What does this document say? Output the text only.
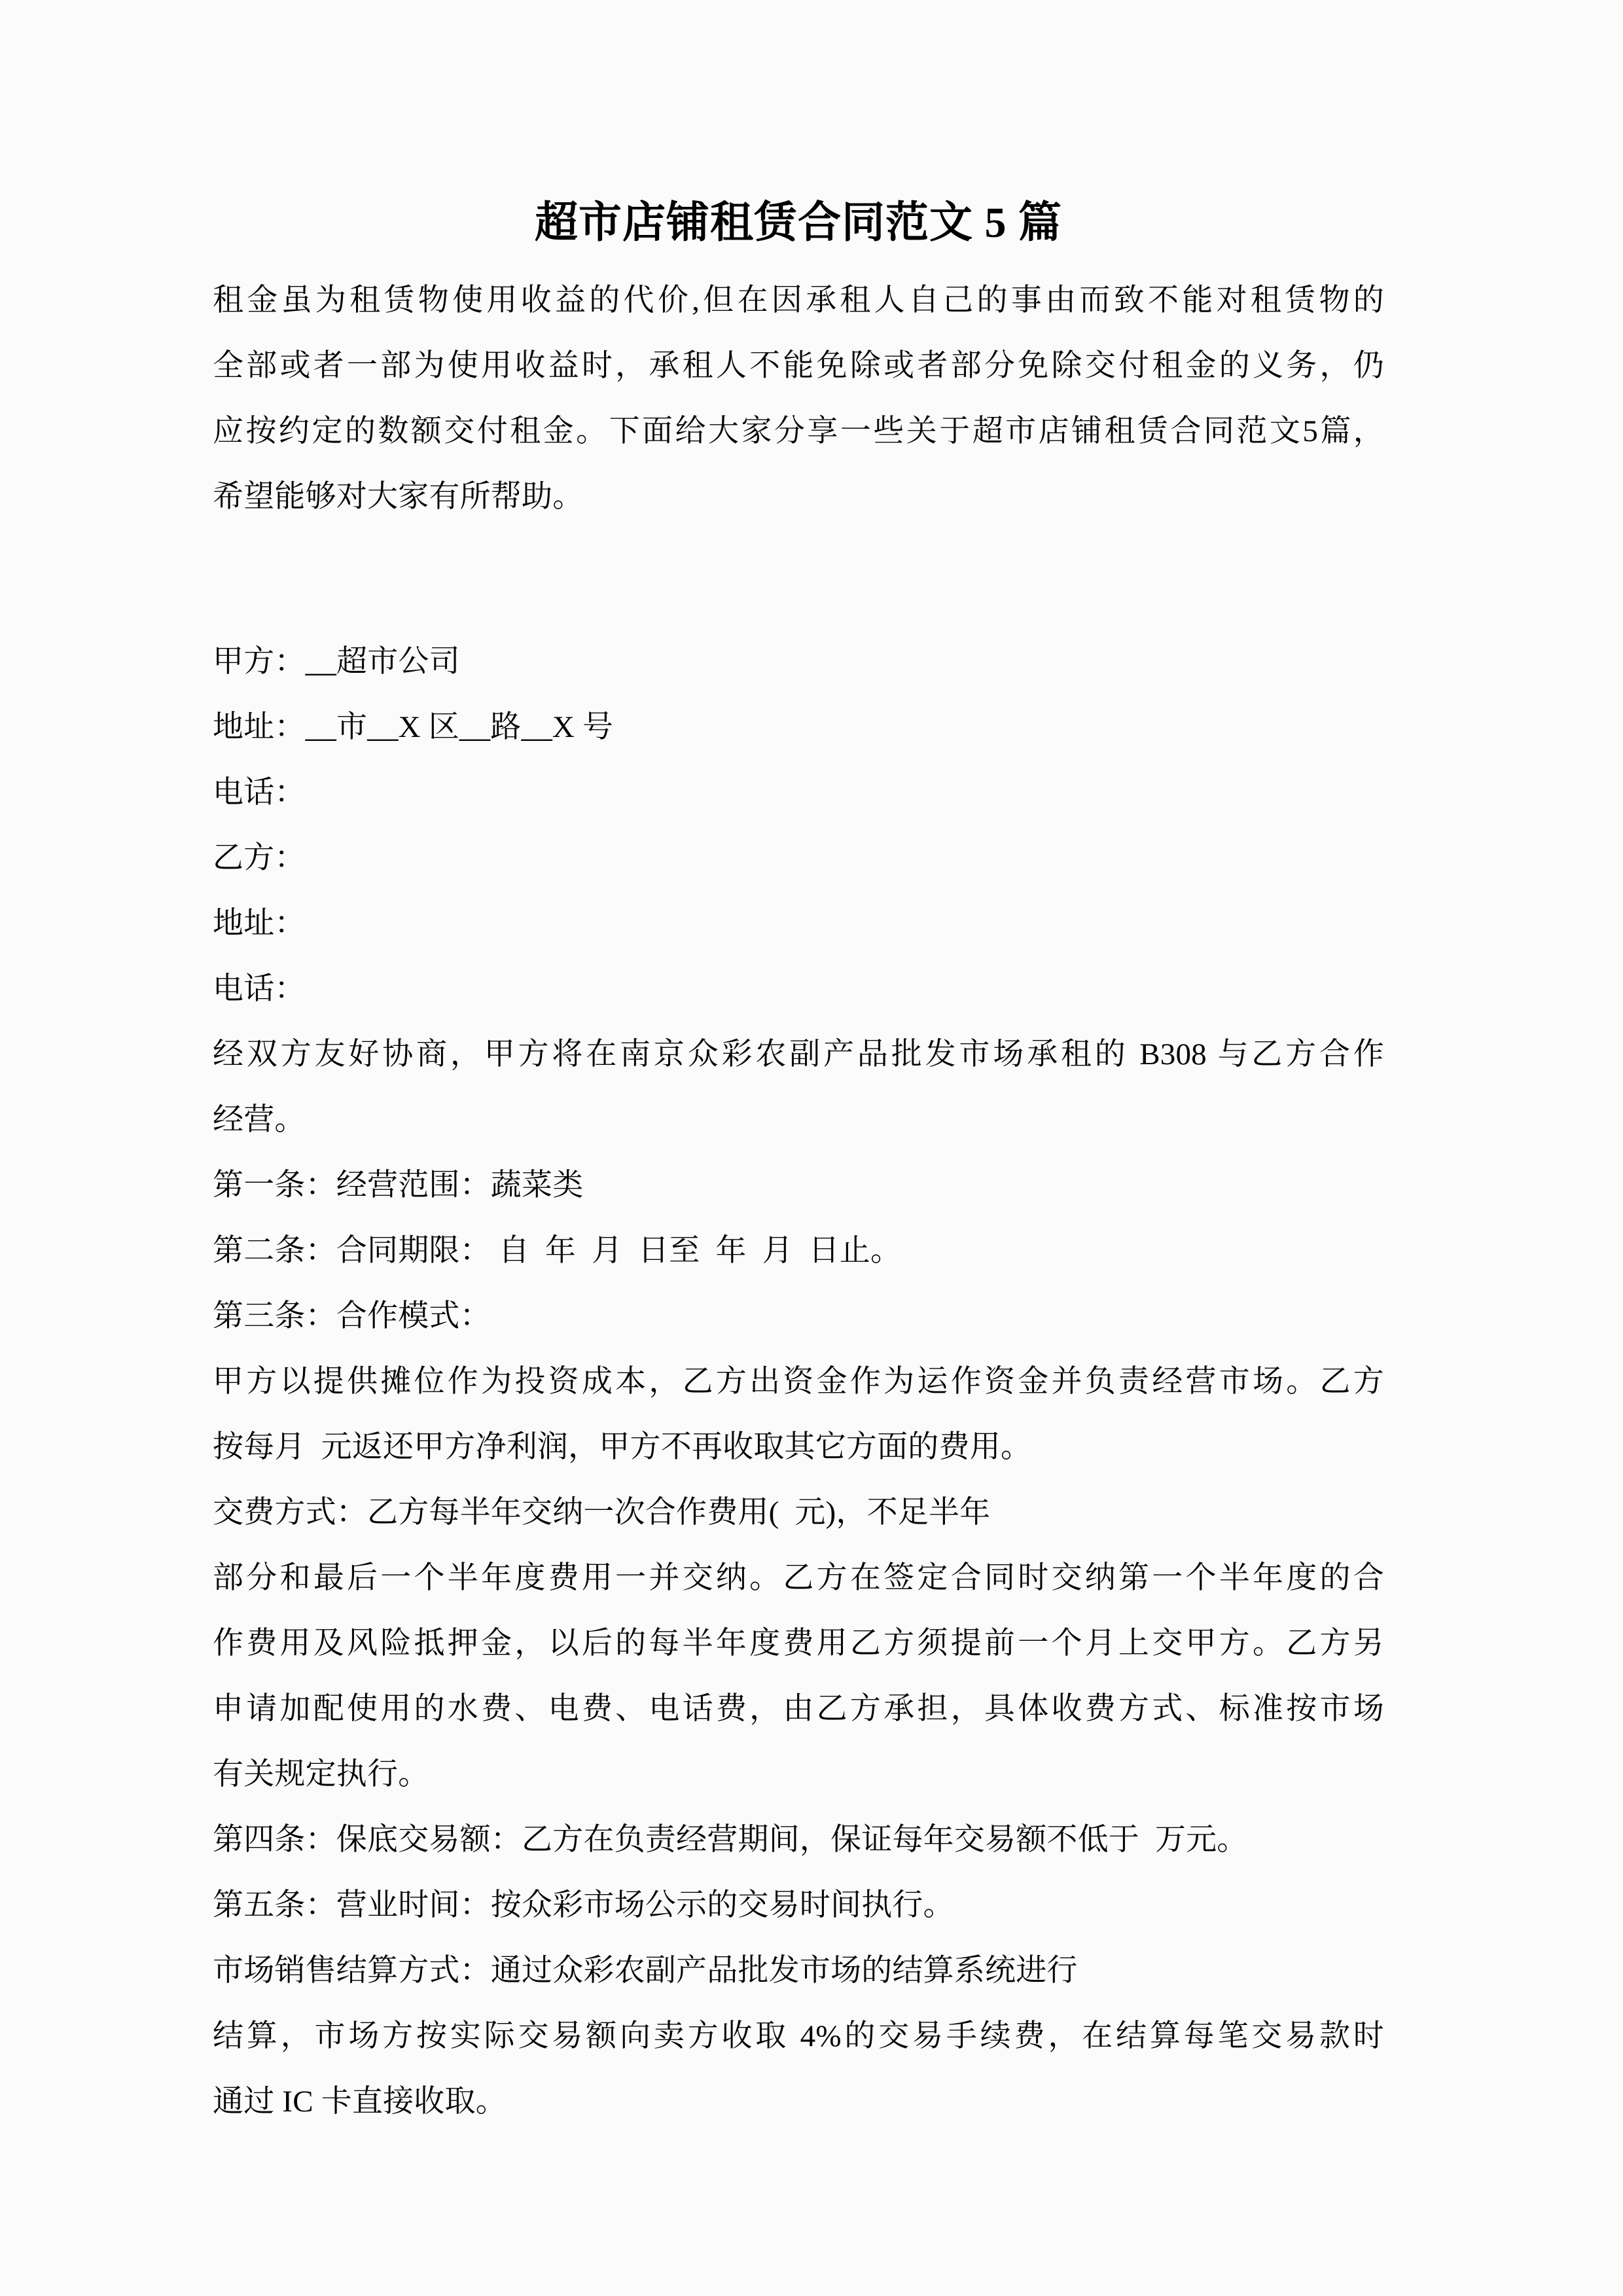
超市店铺租赁合同范文 5 篇
租金虽为租赁物使用收益的代价,但在因承租人自己的事由而致不能对租赁物的
全部或者一部为使用收益时，承租人不能免除或者部分免除交付租金的义务，仍
应按约定的数额交付租金。下面给大家分享一些关于超市店铺租赁合同范文5篇，
希望能够对大家有所帮助。
甲方：__超市公司
地址：__市__X 区__路__X 号
电话：
乙方：
地址：
电话：
经双方友好协商，甲方将在南京众彩农副产品批发市场承租的 B308 与乙方合作
经营。
第一条：经营范围：蔬菜类
第二条：合同期限： 自  年  月  日至  年  月  日止。
第三条：合作模式：
甲方以提供摊位作为投资成本，乙方出资金作为运作资金并负责经营市场。乙方
按每月  元返还甲方净利润，甲方不再收取其它方面的费用。
交费方式：乙方每半年交纳一次合作费用(  元)，不足半年
部分和最后一个半年度费用一并交纳。乙方在签定合同时交纳第一个半年度的合
作费用及风险抵押金，以后的每半年度费用乙方须提前一个月上交甲方。乙方另
申请加配使用的水费、电费、电话费，由乙方承担，具体收费方式、标准按市场
有关规定执行。
第四条：保底交易额：乙方在负责经营期间，保证每年交易额不低于  万元。
第五条：营业时间：按众彩市场公示的交易时间执行。
市场销售结算方式：通过众彩农副产品批发市场的结算系统进行
结算，市场方按实际交易额向卖方收取 4%的交易手续费，在结算每笔交易款时
通过 IC 卡直接收取。
